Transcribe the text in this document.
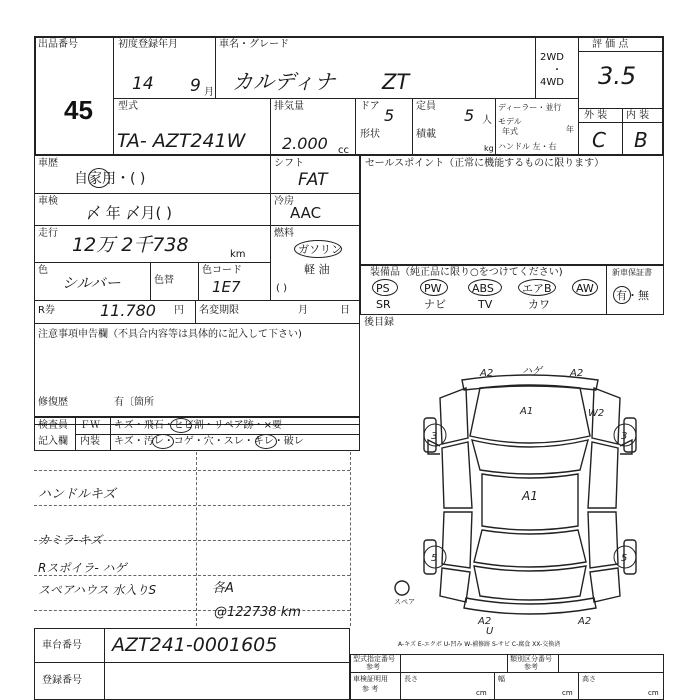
出品番号
45
初度登録年月
14 9 月
車名・グレード
カルディナ ZT
2WD
・
4WD
評 価 点
3.5
型式
TA- AZT241W
排気量
2.000 cc
ドア 5
形状
定員 5 人
積載
kg
ディーラー・並行
モデル
年式	年
ハンドル 左・右
外 装 内 装
C B
車歴
自家用・( )
車検
〆 年 〆月( )
走行
12万 2千738	km
色
シルバー	色替
色コード
1E7
R券	11.780 円 名変期限	月	日
シフト
FAT
冷房
AAC
燃料
ガソリン
軽 油
( )
セールスポイント（正常に機能するものに限ります）
装備品（純正品に限り○をつけてください)	新車保証書
有・無
PS	PW	ABS	エアB AW
SR	ナビ	TV	カワ
後目録
注意事項申告欄（不具合内容等は具体的に記入して下さい)
修復歴	有〔箇所
検査員
記入欄
ＦＷ キズ・飛石・ヒビ割・リペア跡・×要
内装 キズ・汚レ・コゲ・穴・スレ・キレ・破レ
ハンドルキズ
カミラ-キズ
Rスポイラ- ハゲ
スペアハウス 水入りS	各A
@122738 km
A2	ハゲ	A2
A1	W2
3	3
A1
5	5
A2	A2
U
スペア
A-キズ E-エクボ U-凹み W-補修跡 S-サビ C-腐食 XX-交換済
車台番号 AZT241-0001605
登録番号
型式指定番号
参考
類別区分番号
参考
車検証明用
参 考
長さ
cm
幅
cm
高さ
cm
